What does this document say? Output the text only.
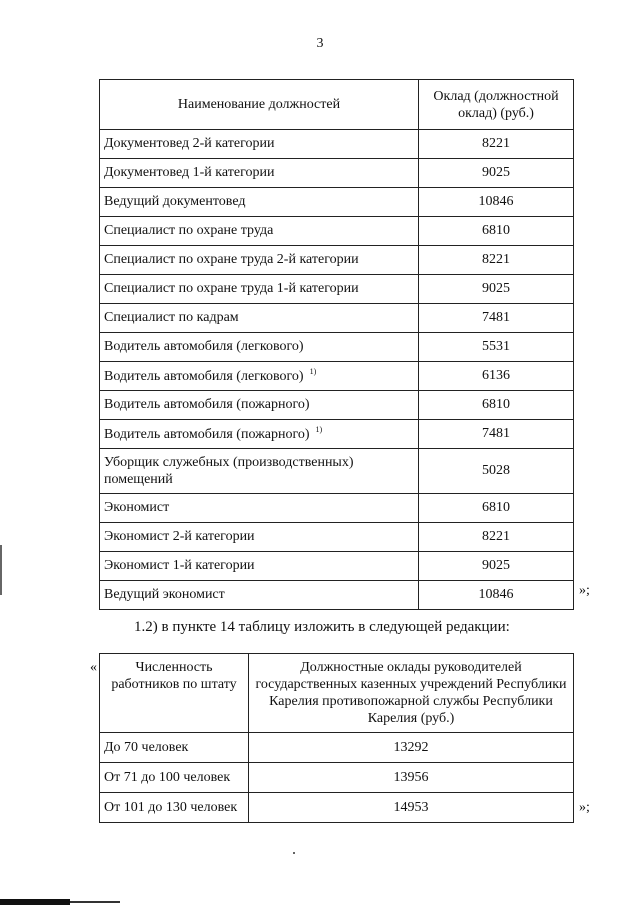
3
Наименование должностей	Оклад (должностной оклад) (руб.)
Документовед 2-й категории	8221
Документовед 1-й категории	9025
Ведущий документовед	10846
Специалист по охране труда	6810
Специалист по охране труда 2-й категории	8221
Специалист по охране труда 1-й категории	9025
Специалист по кадрам	7481
Водитель автомобиля (легкового)	5531
Водитель автомобиля (легкового) $^{1)}$	6136
Водитель автомобиля (пожарного)	6810
Водитель автомобиля (пожарного) $^{1)}$	7481
Уборщик служебных (производственных) помещений	5028
Экономист	6810
Экономист 2-й категории	8221
Экономист 1-й категории	9025
Ведущий экономист	10846	»;
1.2) в пункте 14 таблицу изложить в следующей редакции:
«	Численность работников по штату	Должностные оклады руководителей государственных казенных учреждений Республики Карелия противопожарной службы Республики Карелия (руб.)
До 70 человек	13292
От 71 до 100 человек	13956
От 101 до 130 человек	14953	»;
